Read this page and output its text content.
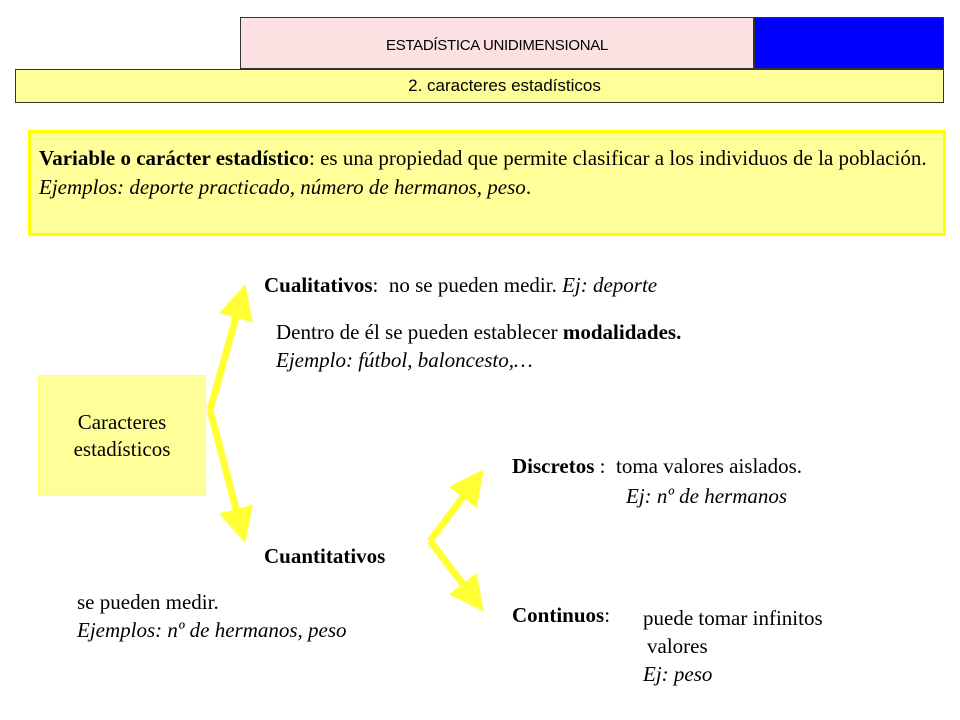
ESTADÍSTICA UNIDIMENSIONAL
2. caracteres estadísticos
Variable o carácter estadístico: es una propiedad que permite clasificar a los individuos de la población.  Ejemplos: deporte practicado, número de hermanos, peso.
Caracteres
estadísticos
Cualitativos: no se pueden medir. Ej: deporte
Dentro de él se pueden establecer modalidades.
Ejemplo: fútbol, baloncesto,…
Cuantitativos
se pueden medir.
Ejemplos: nº de hermanos, peso
Discretos : toma valores aislados.
Ej: nº de hermanos
Continuos: puede tomar infinitos
valores
Ej: peso
